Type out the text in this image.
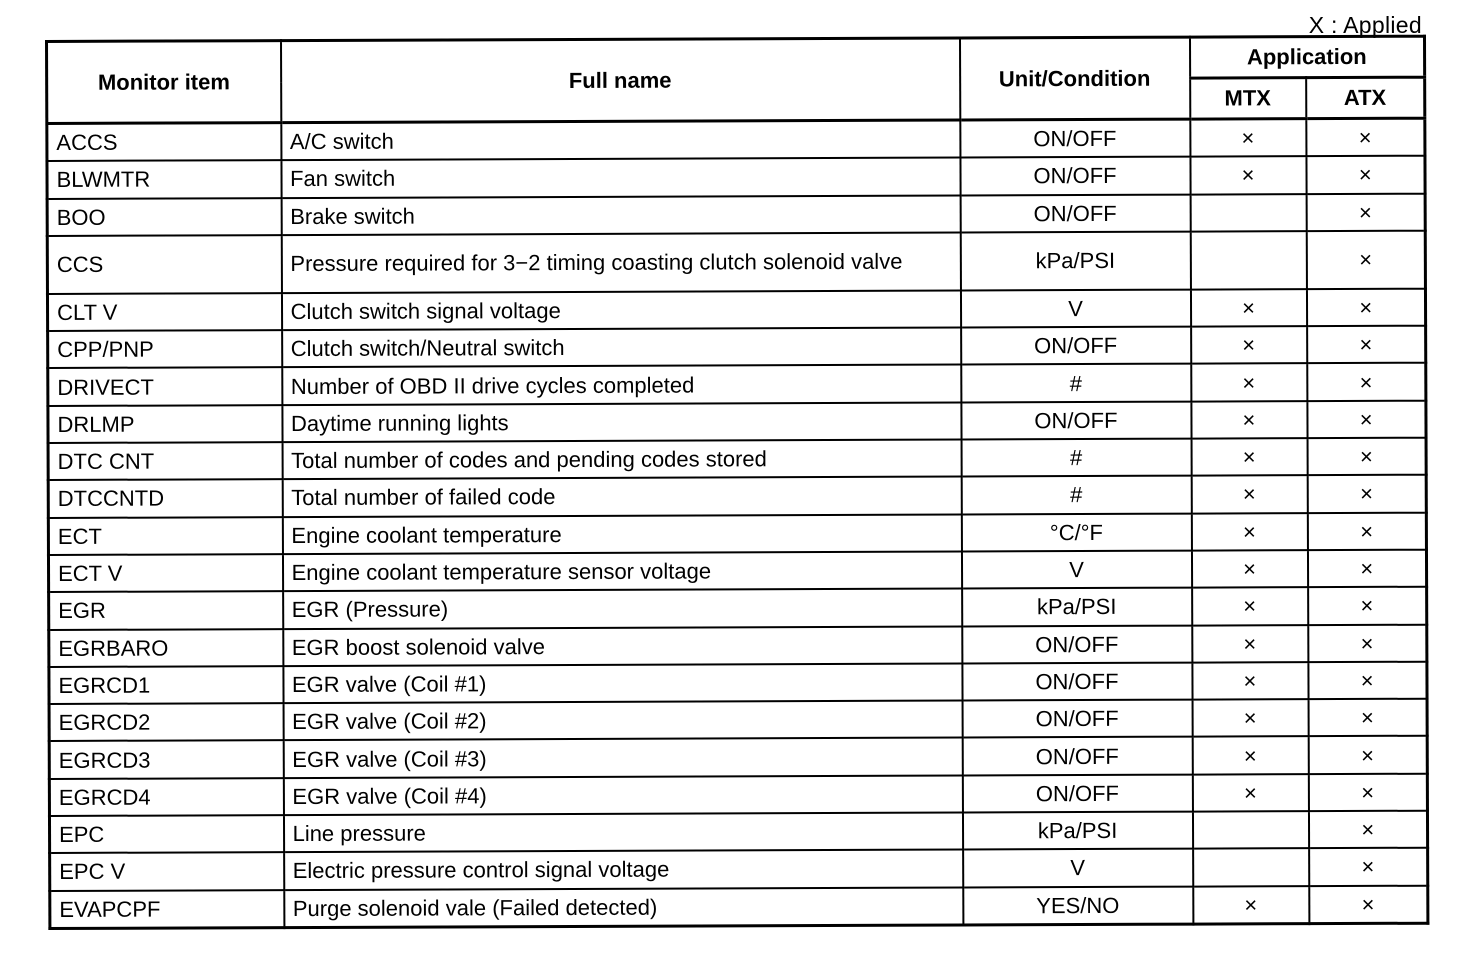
X : Applied
Monitor item	Full name	Unit/Condition	Application	
			MTX	ATX
ACCS	A/C switch	ON/OFF	×	×
BLWMTR	Fan switch	ON/OFF	×	×
BOO	Brake switch	ON/OFF		×
CCS	Pressure required for 3−2 timing coasting clutch solenoid valve	kPa/PSI		×
CLT V	Clutch switch signal voltage	V	×	×
CPP/PNP	Clutch switch/Neutral switch	ON/OFF	×	×
DRIVECT	Number of OBD II drive cycles completed	#	×	×
DRLMP	Daytime running lights	ON/OFF	×	×
DTC CNT	Total number of codes and pending codes stored	#	×	×
DTCCNTD	Total number of failed code	#	×	×
ECT	Engine coolant temperature	°C/°F	×	×
ECT V	Engine coolant temperature sensor voltage	V	×	×
EGR	EGR (Pressure)	kPa/PSI	×	×
EGRBARO	EGR boost solenoid valve	ON/OFF	×	×
EGRCD1	EGR valve (Coil #1)	ON/OFF	×	×
EGRCD2	EGR valve (Coil #2)	ON/OFF	×	×
EGRCD3	EGR valve (Coil #3)	ON/OFF	×	×
EGRCD4	EGR valve (Coil #4)	ON/OFF	×	×
EPC	Line pressure	kPa/PSI		×
EPC V	Electric pressure control signal voltage	V		×
EVAPCPF	Purge solenoid vale (Failed detected)	YES/NO	×	×
